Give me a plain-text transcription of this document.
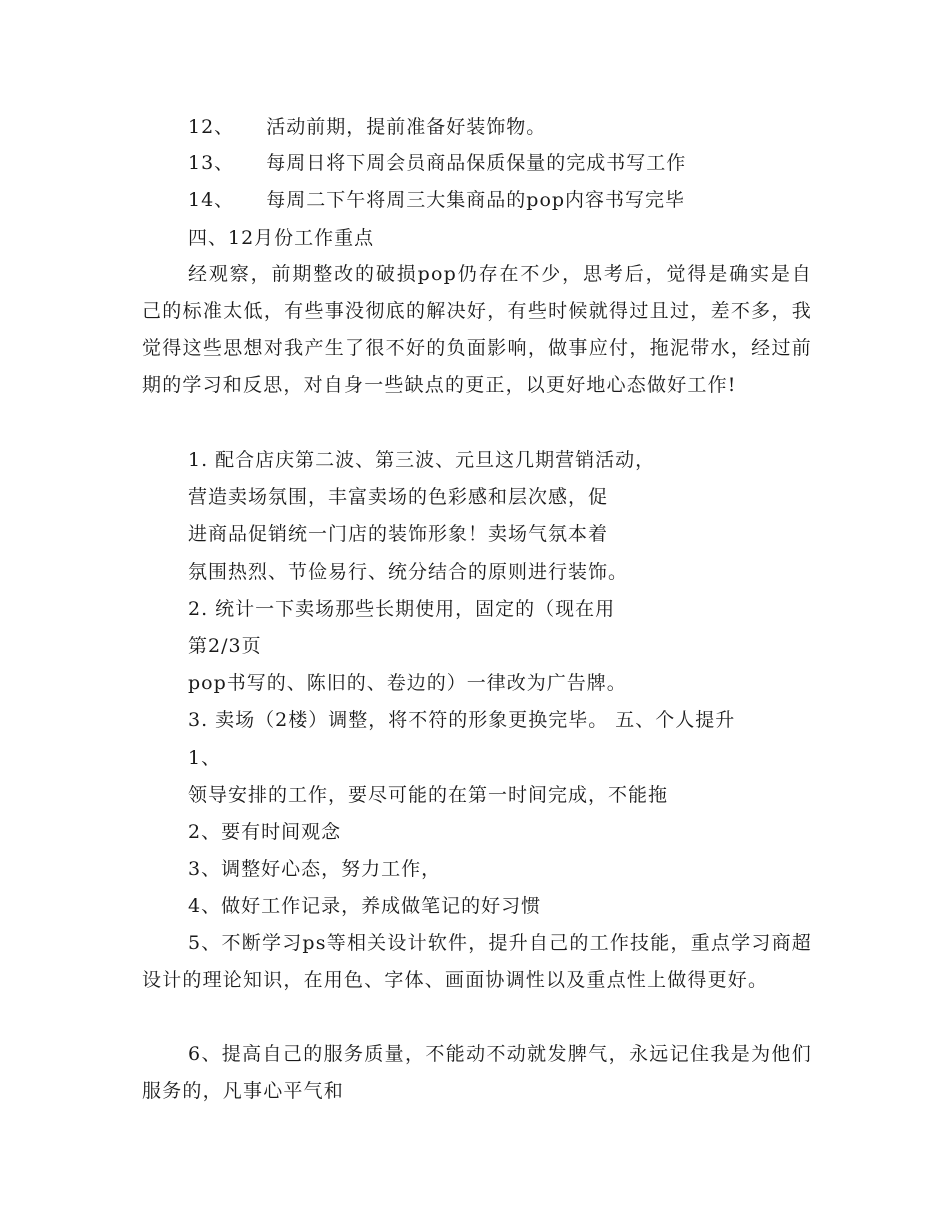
12、 活动前期，提前准备好装饰物。
13、 每周日将下周会员商品保质保量的完成书写工作
14、 每周二下午将周三大集商品的pop内容书写完毕
四、12月份工作重点

经观察，前期整改的破损pop仍存在不少，思考后，觉得是确实是自己的标准太低，有些事没彻底的解决好，有些时候就得过且过，差不多，我觉得这些思想对我产生了很不好的负面影响，做事应付，拖泥带水，经过前期的学习和反思，对自身一些缺点的更正，以更好地心态做好工作!

1. 配合店庆第二波、第三波、元旦这几期营销活动，
营造卖场氛围，丰富卖场的色彩感和层次感，促
进商品促销统一门店的装饰形象！卖场气氛本着
氛围热烈、节俭易行、统分结合的原则进行装饰。
2. 统计一下卖场那些长期使用，固定的（现在用
第2/3页
pop书写的、陈旧的、卷边的）一律改为广告牌。
3. 卖场（2楼）调整，将不符的形象更换完毕。 五、个人提升
1、
领导安排的工作，要尽可能的在第一时间完成，不能拖
2、要有时间观念
3、调整好心态，努力工作，
4、做好工作记录，养成做笔记的好习惯

5、不断学习ps等相关设计软件，提升自己的工作技能，重点学习商超设计的理论知识，在用色、字体、画面协调性以及重点性上做得更好。

6、提高自己的服务质量，不能动不动就发脾气，永远记住我是为他们服务的，凡事心平气和
